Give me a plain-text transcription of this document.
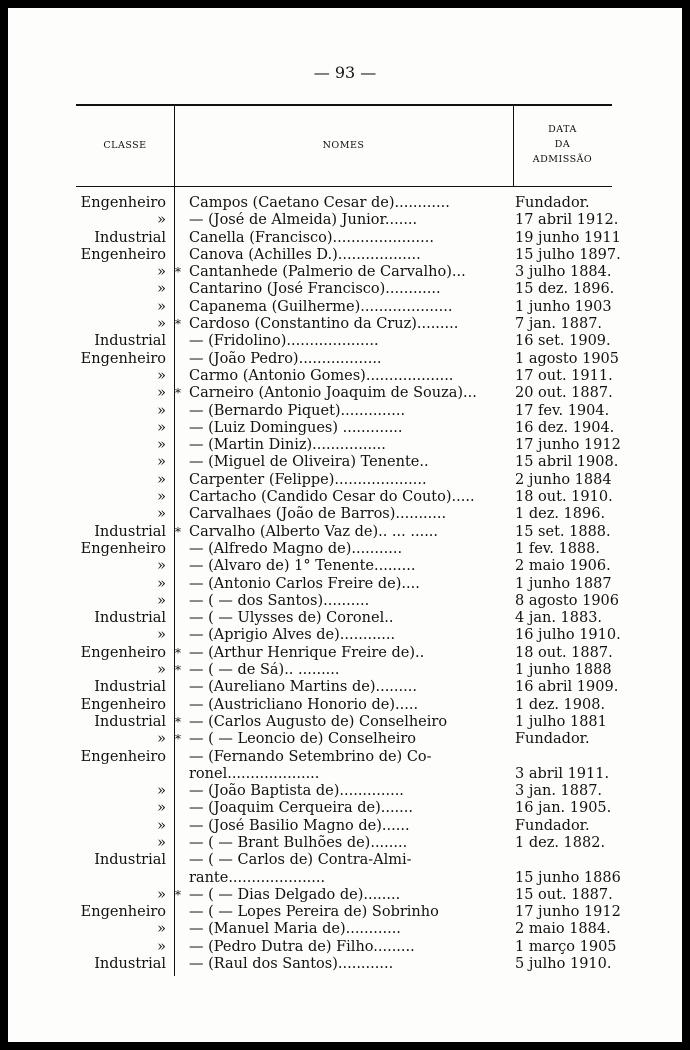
— 93 —
CLASSE	NOMES
DATA
DA
ADMISSÃO
Engenheiro Campos (Caetano Cesar de)............	Fundador.
» — (José de Almeida) Junior.......	17 abril 1912.
Industrial Canella (Francisco)......................	19 junho 1911
Engenheiro Canova (Achilles D.)..................	15 julho 1897.
» * Cantanhede (Palmerio de Carvalho)...	3 julho 1884.
» Cantarino (José Francisco)............	15 dez. 1896.
» Capanema (Guilherme)....................	1 junho 1903
» * Cardoso (Constantino da Cruz).........	7 jan. 1887.
Industrial — (Fridolino)....................	16 set. 1909.
Engenheiro — (João Pedro)..................	1 agosto 1905
» Carmo (Antonio Gomes)...................	17 out. 1911.
» * Carneiro (Antonio Joaquim de Souza)...	20 out. 1887.
» — (Bernardo Piquet)..............	17 fev. 1904.
» — (Luiz Domingues) .............	16 dez. 1904.
» — (Martin Diniz)................	17 junho 1912
» — (Miguel de Oliveira) Tenente..	15 abril 1908.
» Carpenter (Felippe)....................	2 junho 1884
» Cartacho (Candido Cesar do Couto).....	18 out. 1910.
» Carvalhaes (João de Barros)...........	1 dez. 1896.
Industrial * Carvalho (Alberto Vaz de).. ... ......	15 set. 1888.
Engenheiro — (Alfredo Magno de)...........	1 fev. 1888.
» — (Alvaro de) 1° Tenente.........	2 maio 1906.
» — (Antonio Carlos Freire de)....	1 junho 1887
» — ( — dos Santos)..........	8 agosto 1906
Industrial — ( — Ulysses de) Coronel..	4 jan. 1883.
» — (Aprigio Alves de)............	16 julho 1910.
Engenheiro * — (Arthur Henrique Freire de)..	18 out. 1887.
» * — ( — de Sá).. .........	1 junho 1888
Industrial — (Aureliano Martins de).........	16 abril 1909.
Engenheiro — (Austricliano Honorio de).....	1 dez. 1908.
Industrial * — (Carlos Augusto de) Conselheiro	1 julho 1881
» * — ( — Leoncio de) Conselheiro	Fundador.
Engenheiro — (Fernando Setembrino de) Co-
ronel....................	3 abril 1911.
» — (João Baptista de)..............	3 jan. 1887.
» — (Joaquim Cerqueira de).......	16 jan. 1905.
» — (José Basilio Magno de)......	Fundador.
» — ( — Brant Bulhões de)........	1 dez. 1882.
Industrial — ( — Carlos de) Contra-Almi-
rante.....................	15 junho 1886
» * — ( — Dias Delgado de)........	15 out. 1887.
Engenheiro — ( — Lopes Pereira de) Sobrinho	17 junho 1912
» — (Manuel Maria de)............	2 maio 1884.
» — (Pedro Dutra de) Filho.........	1 março 1905
Industrial — (Raul dos Santos)............	5 julho 1910.
